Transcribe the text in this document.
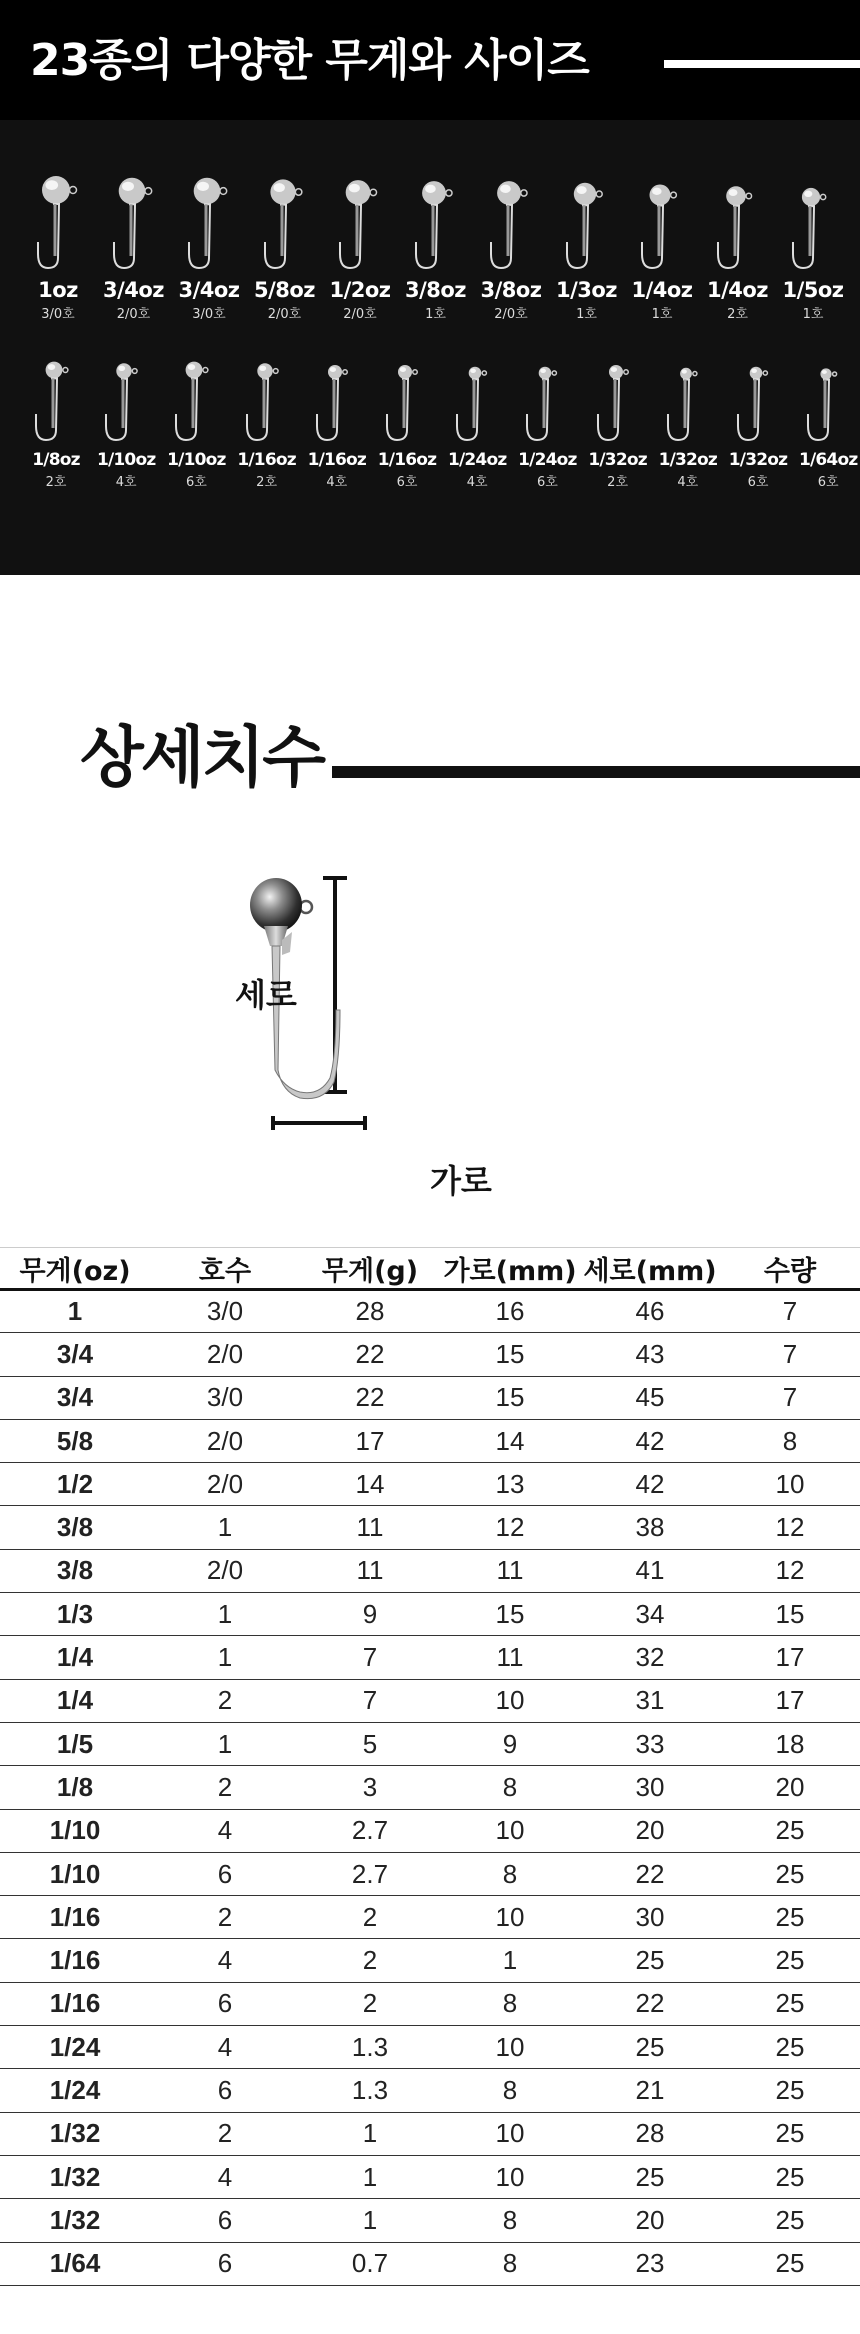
23종의 다양한 무게와 사이즈
1oz
3/0호
3/4oz
2/0호
3/4oz
3/0호
5/8oz
2/0호
1/2oz
2/0호
3/8oz
1호
3/8oz
2/0호
1/3oz
1호
1/4oz
1호
1/4oz
2호
1/5oz
1호
1/8oz
2호
1/10oz
4호
1/10oz
6호
1/16oz
2호
1/16oz
4호
1/16oz
6호
1/24oz
4호
1/24oz
6호
1/32oz
2호
1/32oz
4호
1/32oz
6호
1/64oz
6호
상세치수
세로
가로
무게(oz)	호수	무게(g)	가로(mm)	세로(mm)	수량
1	3/0	28	16	46	7
3/4	2/0	22	15	43	7
3/4	3/0	22	15	45	7
5/8	2/0	17	14	42	8
1/2	2/0	14	13	42	10
3/8	1	11	12	38	12
3/8	2/0	11	11	41	12
1/3	1	9	15	34	15
1/4	1	7	11	32	17
1/4	2	7	10	31	17
1/5	1	5	9	33	18
1/8	2	3	8	30	20
1/10	4	2.7	10	20	25
1/10	6	2.7	8	22	25
1/16	2	2	10	30	25
1/16	4	2	1	25	25
1/16	6	2	8	22	25
1/24	4	1.3	10	25	25
1/24	6	1.3	8	21	25
1/32	2	1	10	28	25
1/32	4	1	10	25	25
1/32	6	1	8	20	25
1/64	6	0.7	8	23	25
